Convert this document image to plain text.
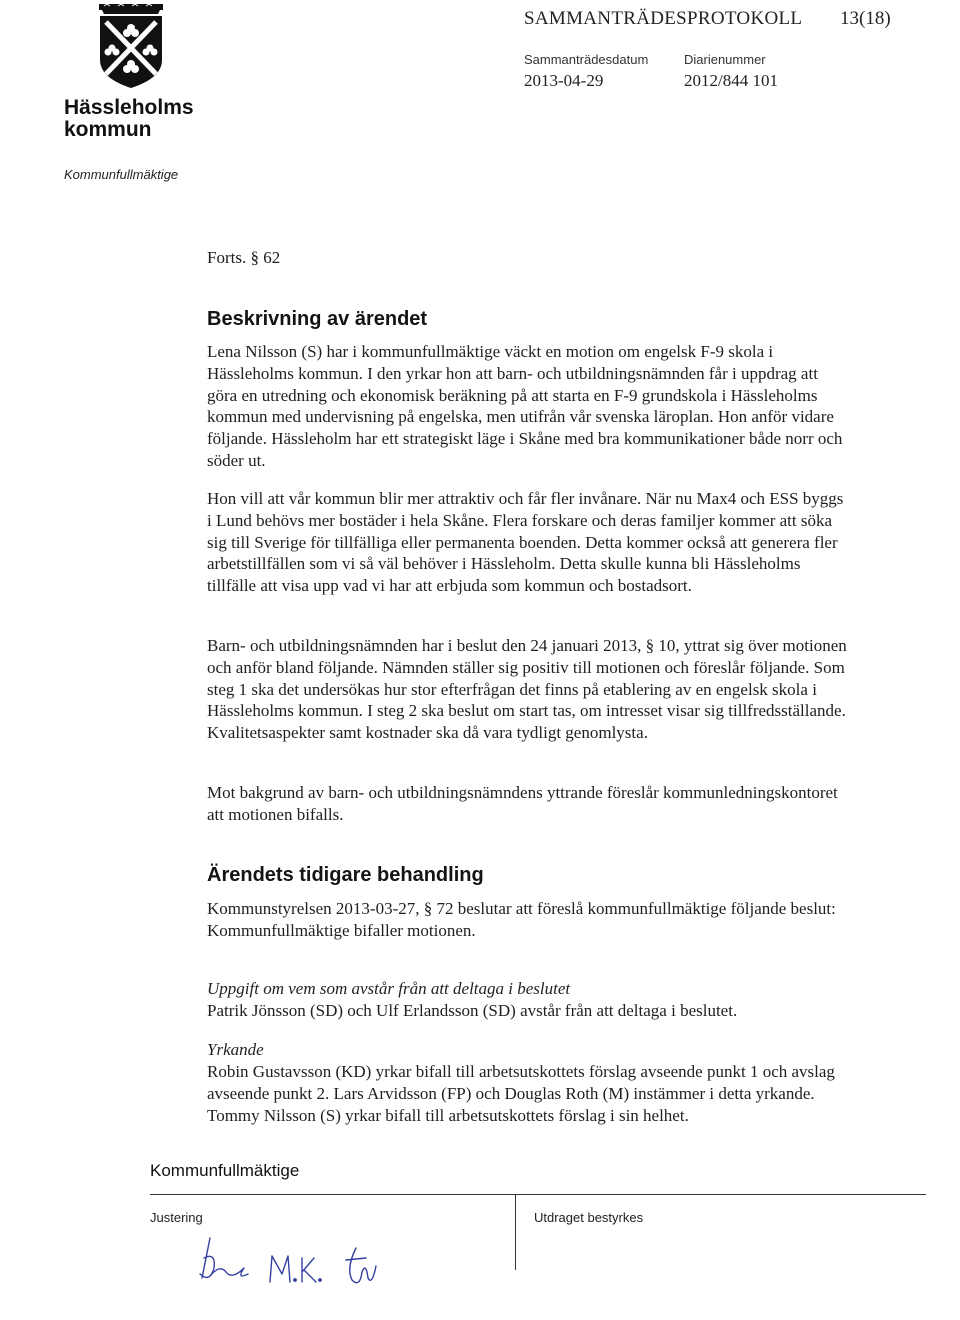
Hässleholms kommun
Kommunfullmäktige
SAMMANTRÄDESPROTOKOLL 13(18)
Sammanträdesdatum
2013-04-29
Diarienummer
2012/844 101
Forts. § 62
Beskrivning av ärendet

Lena Nilsson (S) har i kommunfullmäktige väckt en motion om engelsk F-9 skola i Hässleholms kommun. I den yrkar hon att barn- och utbildningsnämnden får i uppdrag att göra en utredning och ekonomisk beräkning på att starta en F-9 grundskola i Hässleholms kommun med undervisning på engelska, men utifrån vår svenska läroplan. Hon anför vidare följande. Hässleholm har ett strategiskt läge i Skåne med bra kommunikationer både norr och söder ut.

Hon vill att vår kommun blir mer attraktiv och får fler invånare. När nu Max4 och ESS byggs i Lund behövs mer bostäder i hela Skåne. Flera forskare och deras familjer kommer att söka sig till Sverige för tillfälliga eller permanenta boenden. Detta kommer också att generera fler arbetstillfällen som vi så väl behöver i Hässleholm. Detta skulle kunna bli Hässleholms tillfälle att visa upp vad vi har att erbjuda som kommun och bostadsort.

Barn- och utbildningsnämnden har i beslut den 24 januari 2013, § 10, yttrat sig över motionen och anför bland följande. Nämnden ställer sig positiv till motionen och föreslår följande. Som steg 1 ska det undersökas hur stor efterfrågan det finns på etablering av en engelsk skola i Hässleholms kommun. I steg 2 ska beslut om start tas, om intresset visar sig tillfredsställande. Kvalitetsaspekter samt kostnader ska då vara tydligt genomlysta.

Mot bakgrund av barn- och utbildningsnämndens yttrande föreslår kommunledningskontoret att motionen bifalls.

Ärendets tidigare behandling

Kommunstyrelsen 2013-03-27, § 72 beslutar att föreslå kommunfullmäktige följande beslut:
Kommunfullmäktige bifaller motionen.

Uppgift om vem som avstår från att deltaga i beslutet

Patrik Jönsson (SD) och Ulf Erlandsson (SD) avstår från att deltaga i beslutet.

Yrkande

Robin Gustavsson (KD) yrkar bifall till arbetsutskottets förslag avseende punkt 1 och avslag avseende punkt 2. Lars Arvidsson (FP) och Douglas Roth (M) instämmer i detta yrkande.
Tommy Nilsson (S) yrkar bifall till arbetsutskottets förslag i sin helhet.

Kommunfullmäktige
Justering	Utdraget bestyrkes
